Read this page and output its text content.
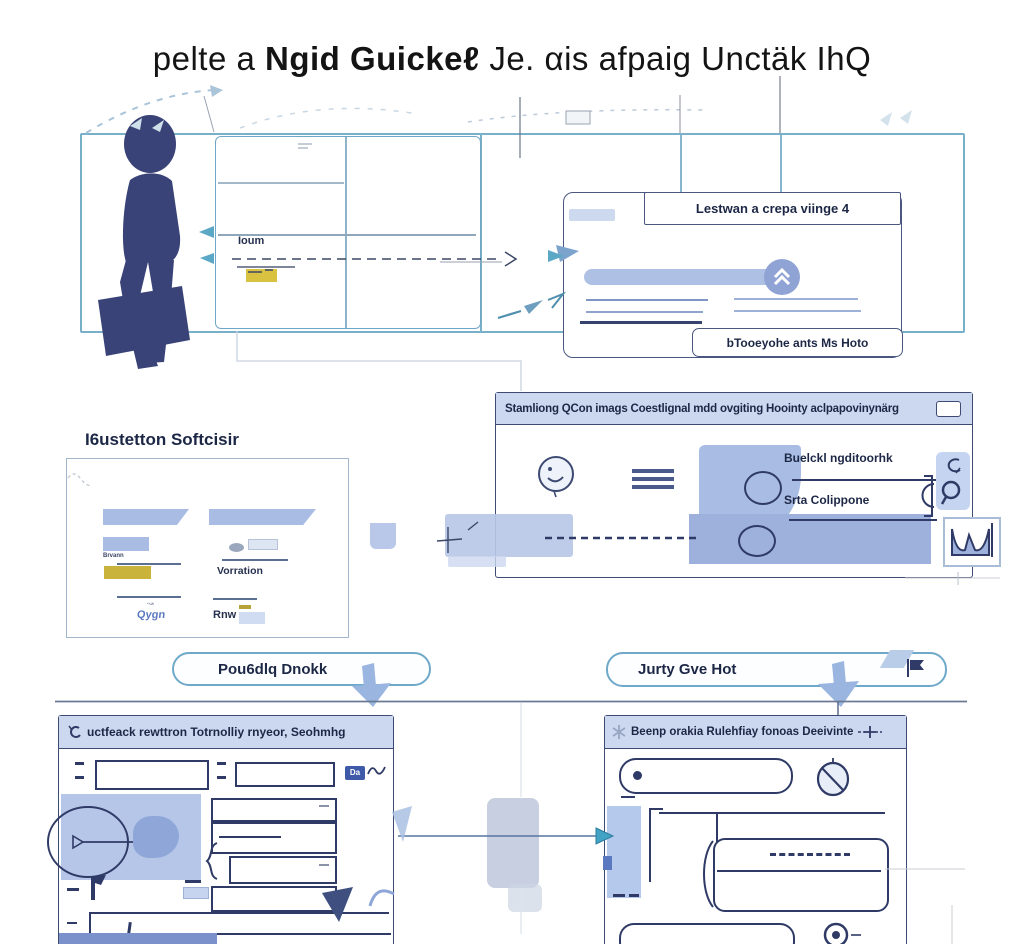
Ioum
Lestwan a crepa viinge 4
bTooeyohe ants Ms Hoto
I6ustetton Softcisir
Brvann
Vorration
↝
Qygn	Rnw
Stamliong QCon imags Coestlignal mdd ovgiting Hoointy aclpapovinynärg
Buelckl ngditoorhk
Srta Colippone
Pou6dlq Dnokk	Jurty Gve Hot
uctfeack rewttron Totrnolliy rnyeor, Seohmhg
Da
Beenp orakia Rulehfiay fonoas Deeivinte
pelte a Ngid Guickeℓ Je. αis afpaig Unctäk IhQ
